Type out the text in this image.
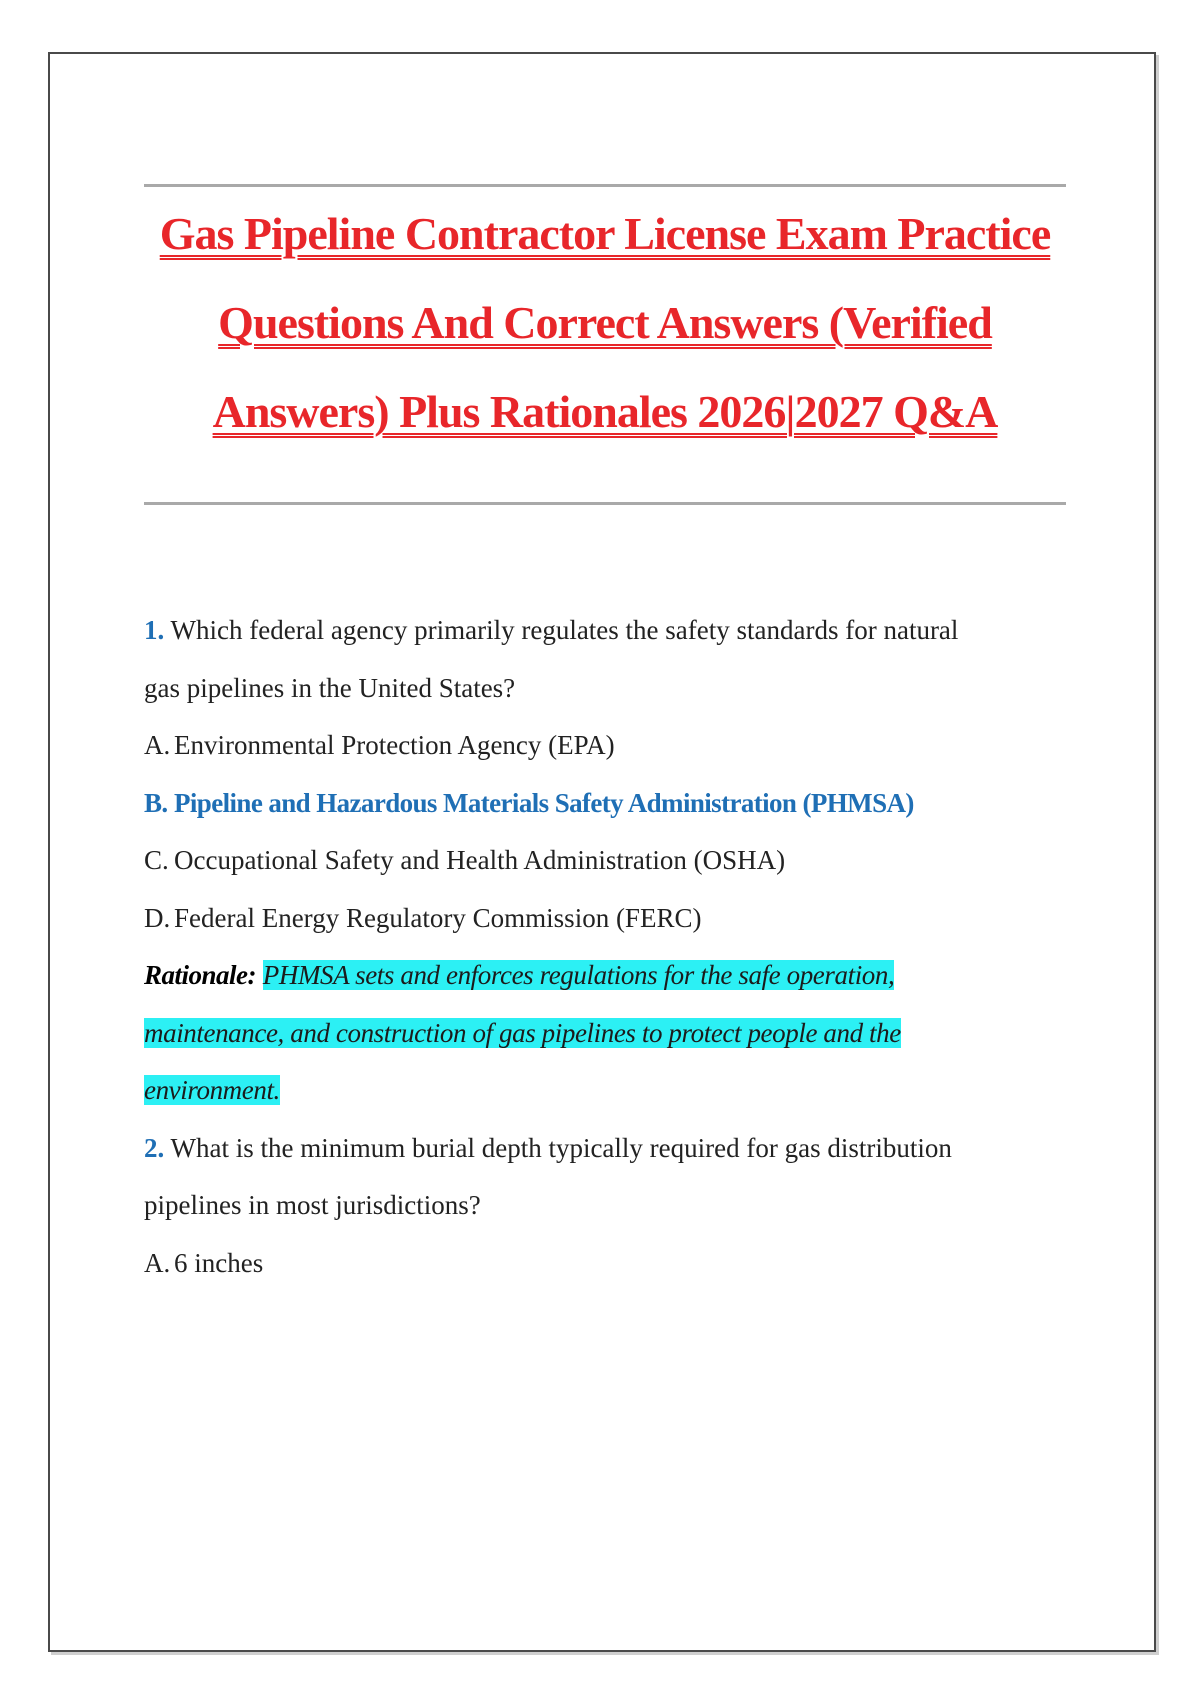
Gas Pipeline Contractor License Exam Practice
Questions And Correct Answers (Verified
Answers) Plus Rationales 2026|2027 Q&A

1. Which federal agency primarily regulates the safety standards for natural

gas pipelines in the United States?

A. Environmental Protection Agency (EPA)

B. Pipeline and Hazardous Materials Safety Administration (PHMSA)

C. Occupational Safety and Health Administration (OSHA)

D. Federal Energy Regulatory Commission (FERC)

Rationale: PHMSA sets and enforces regulations for the safe operation,

maintenance, and construction of gas pipelines to protect people and the

environment.

2. What is the minimum burial depth typically required for gas distribution

pipelines in most jurisdictions?

A. 6 inches
